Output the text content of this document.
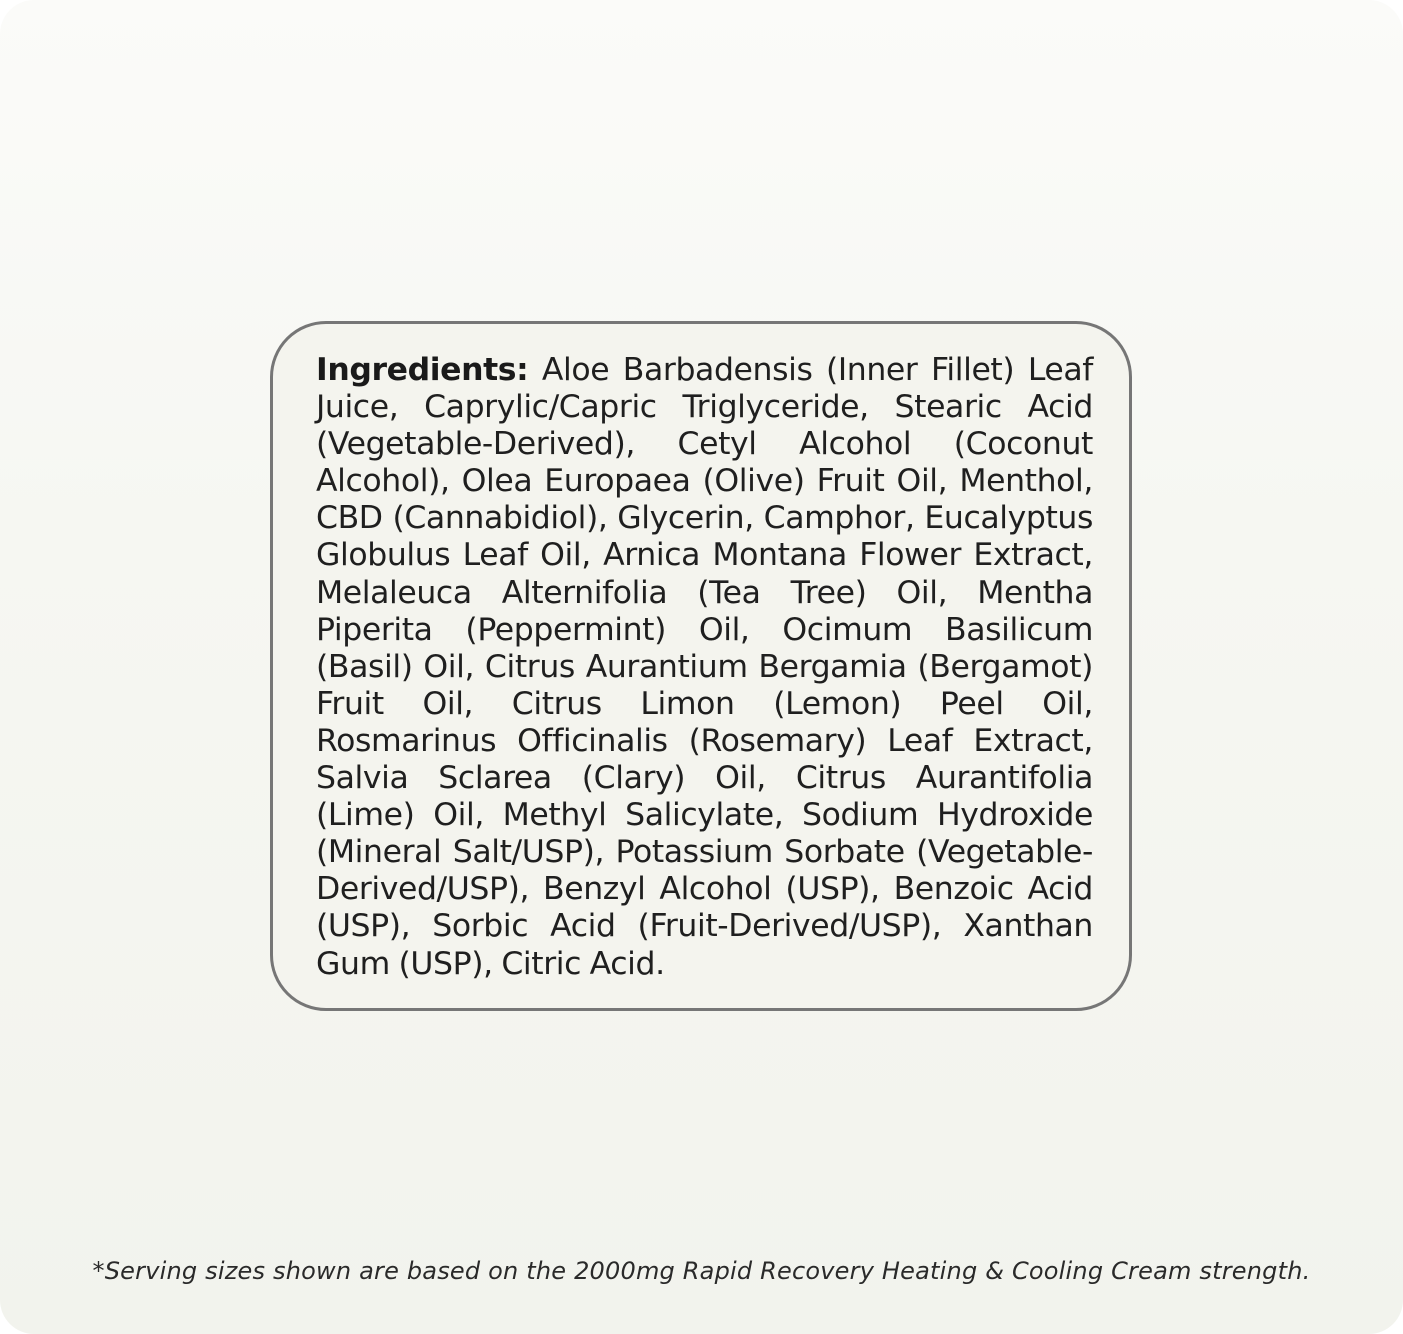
Ingredients: Aloe Barbadensis (Inner Fillet) Leaf Juice, Caprylic/Capric Triglyceride, Stearic Acid (Vegetable-Derived), Cetyl Alcohol (Coconut Alcohol), Olea Europaea (Olive) Fruit Oil, Menthol, CBD (Cannabidiol), Glycerin, Camphor, Eucalyptus Globulus Leaf Oil, Arnica Montana Flower Extract, Melaleuca Alternifolia (Tea Tree) Oil, Mentha Piperita (Peppermint) Oil, Ocimum Basilicum (Basil) Oil, Citrus Aurantium Bergamia (Bergamot) Fruit Oil, Citrus Limon (Lemon) Peel Oil, Rosmarinus Officinalis (Rosemary) Leaf Extract, Salvia Sclarea (Clary) Oil, Citrus Aurantifolia (Lime) Oil, Methyl Salicylate, Sodium Hydroxide (Mineral Salt/USP), Potassium Sorbate (Vegetable-Derived/USP), Benzyl Alcohol (USP), Benzoic Acid (USP), Sorbic Acid (Fruit-Derived/USP), Xanthan Gum (USP), Citric Acid.

*Serving sizes shown are based on the 2000mg Rapid Recovery Heating & Cooling Cream strength.
